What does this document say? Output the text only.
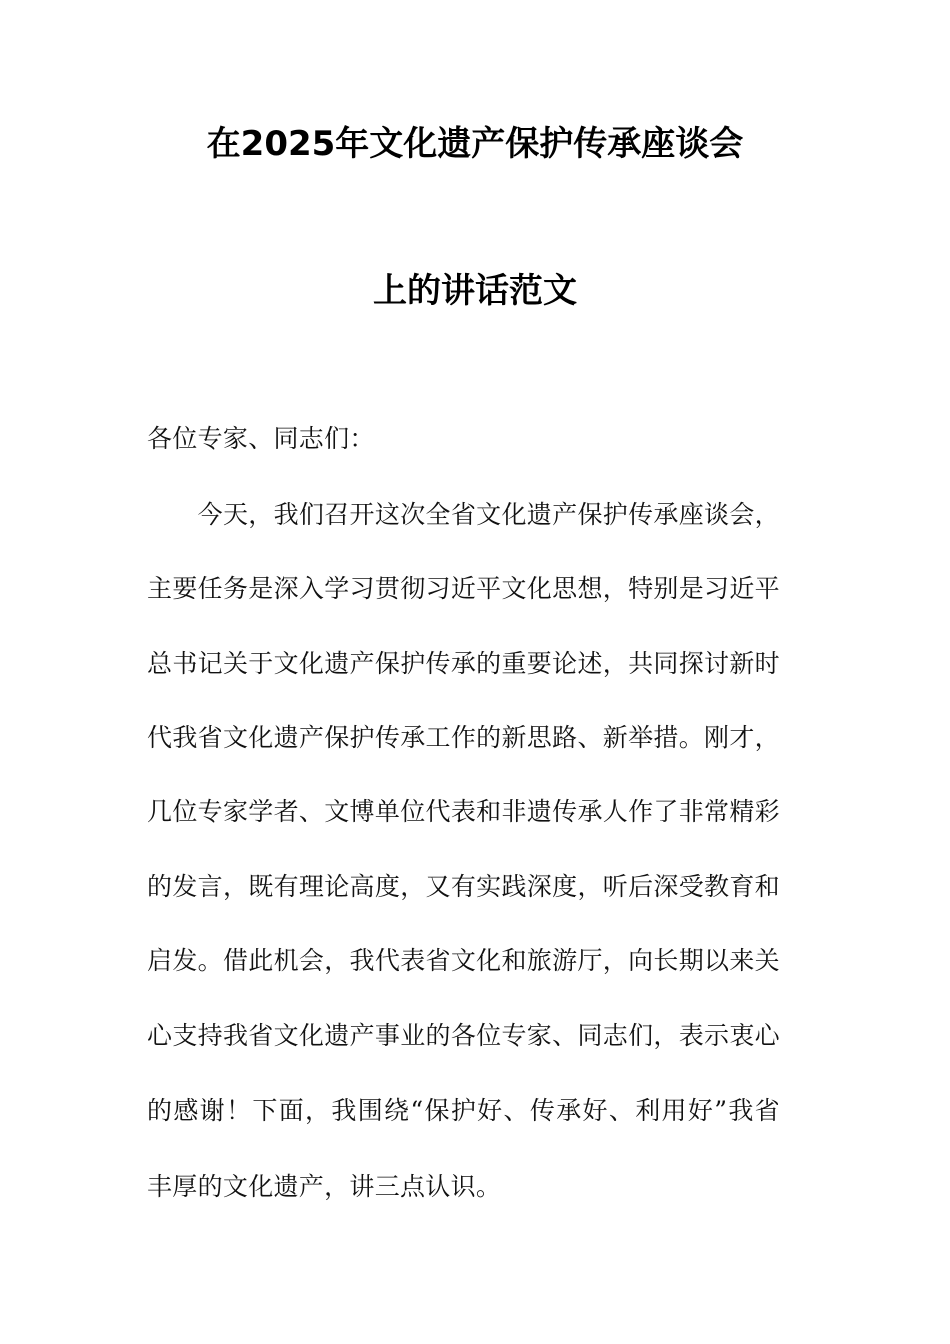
在2025年文化遗产保护传承座谈会
上的讲话范文
各位专家、同志们：
　　今天，我们召开这次全省文化遗产保护传承座谈会，
主要任务是深入学习贯彻习近平文化思想，特别是习近平
总书记关于文化遗产保护传承的重要论述，共同探讨新时
代我省文化遗产保护传承工作的新思路、新举措。刚才，
几位专家学者、文博单位代表和非遗传承人作了非常精彩
的发言，既有理论高度，又有实践深度，听后深受教育和
启发。借此机会，我代表省文化和旅游厅，向长期以来关
心支持我省文化遗产事业的各位专家、同志们，表示衷心
的感谢！下面，我围绕“保护好、传承好、利用好”我省
丰厚的文化遗产，讲三点认识。
